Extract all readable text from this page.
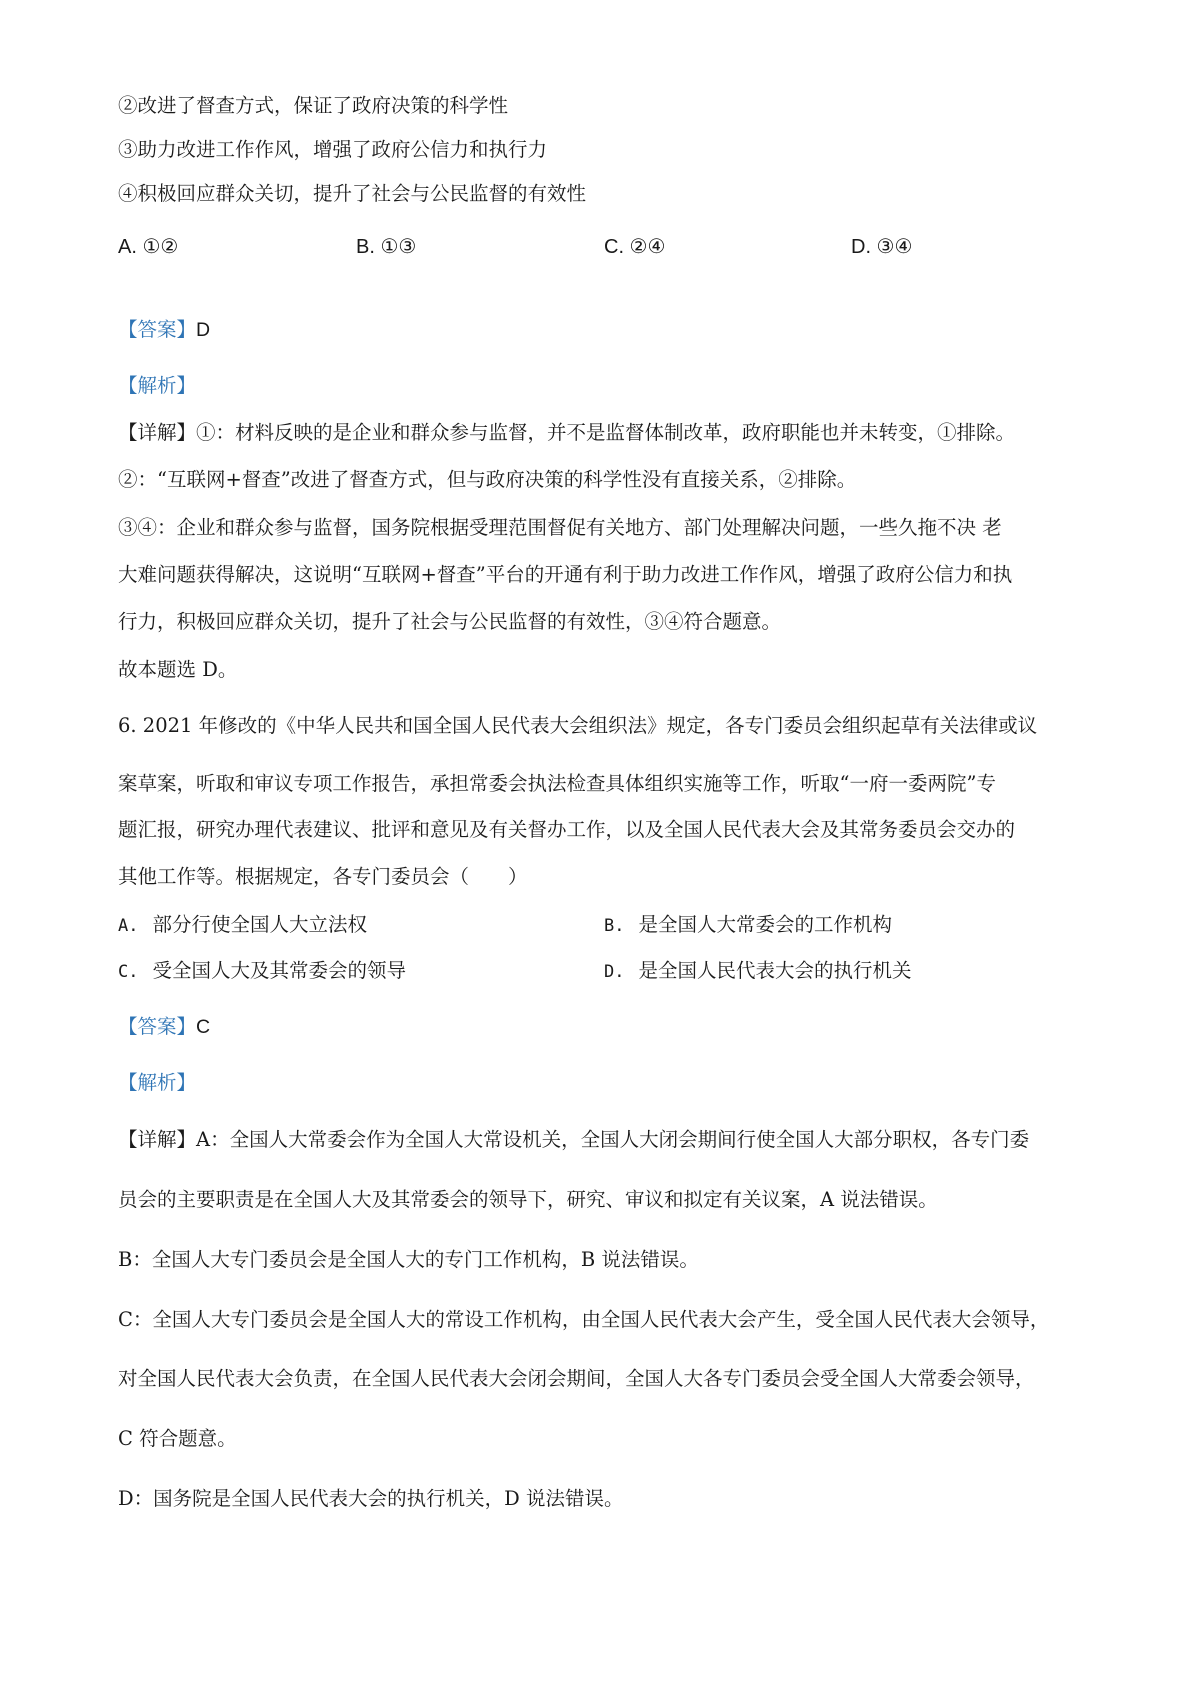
②改进了督查方式，保证了政府决策的科学性
③助力改进工作作风，增强了政府公信力和执行力
④积极回应群众关切，提升了社会与公民监督的有效性
A. ①②	B. ①③	C. ②④	D. ③④
【答案】D
【解析】
【详解】①：材料反映的是企业和群众参与监督，并不是监督体制改革，政府职能也并未转变，①排除。
②：“互联网+督查”改进了督查方式，但与政府决策的科学性没有直接关系，②排除。
③④：企业和群众参与监督，国务院根据受理范围督促有关地方、部门处理解决问题，一些久拖不决 老
大难问题获得解决，这说明“互联网+督查”平台的开通有利于助力改进工作作风，增强了政府公信力和执
行力，积极回应群众关切，提升了社会与公民监督的有效性，③④符合题意。
故本题选 D。
6. 2021 年修改的《中华人民共和国全国人民代表大会组织法》规定，各专门委员会组织起草有关法律或议
案草案，听取和审议专项工作报告，承担常委会执法检查具体组织实施等工作，听取“一府一委两院”专
题汇报，研究办理代表建议、批评和意见及有关督办工作，以及全国人民代表大会及其常务委员会交办的
其他工作等。根据规定，各专门委员会（　　）
A. 部分行使全国人大立法权	B. 是全国人大常委会的工作机构
C. 受全国人大及其常委会的领导	D. 是全国人民代表大会的执行机关
【答案】C
【解析】
【详解】A：全国人大常委会作为全国人大常设机关，全国人大闭会期间行使全国人大部分职权，各专门委
员会的主要职责是在全国人大及其常委会的领导下，研究、审议和拟定有关议案，A 说法错误。
B：全国人大专门委员会是全国人大的专门工作机构，B 说法错误。
C：全国人大专门委员会是全国人大的常设工作机构，由全国人民代表大会产生，受全国人民代表大会领导，
对全国人民代表大会负责，在全国人民代表大会闭会期间，全国人大各专门委员会受全国人大常委会领导，
C 符合题意。
D：国务院是全国人民代表大会的执行机关，D 说法错误。
